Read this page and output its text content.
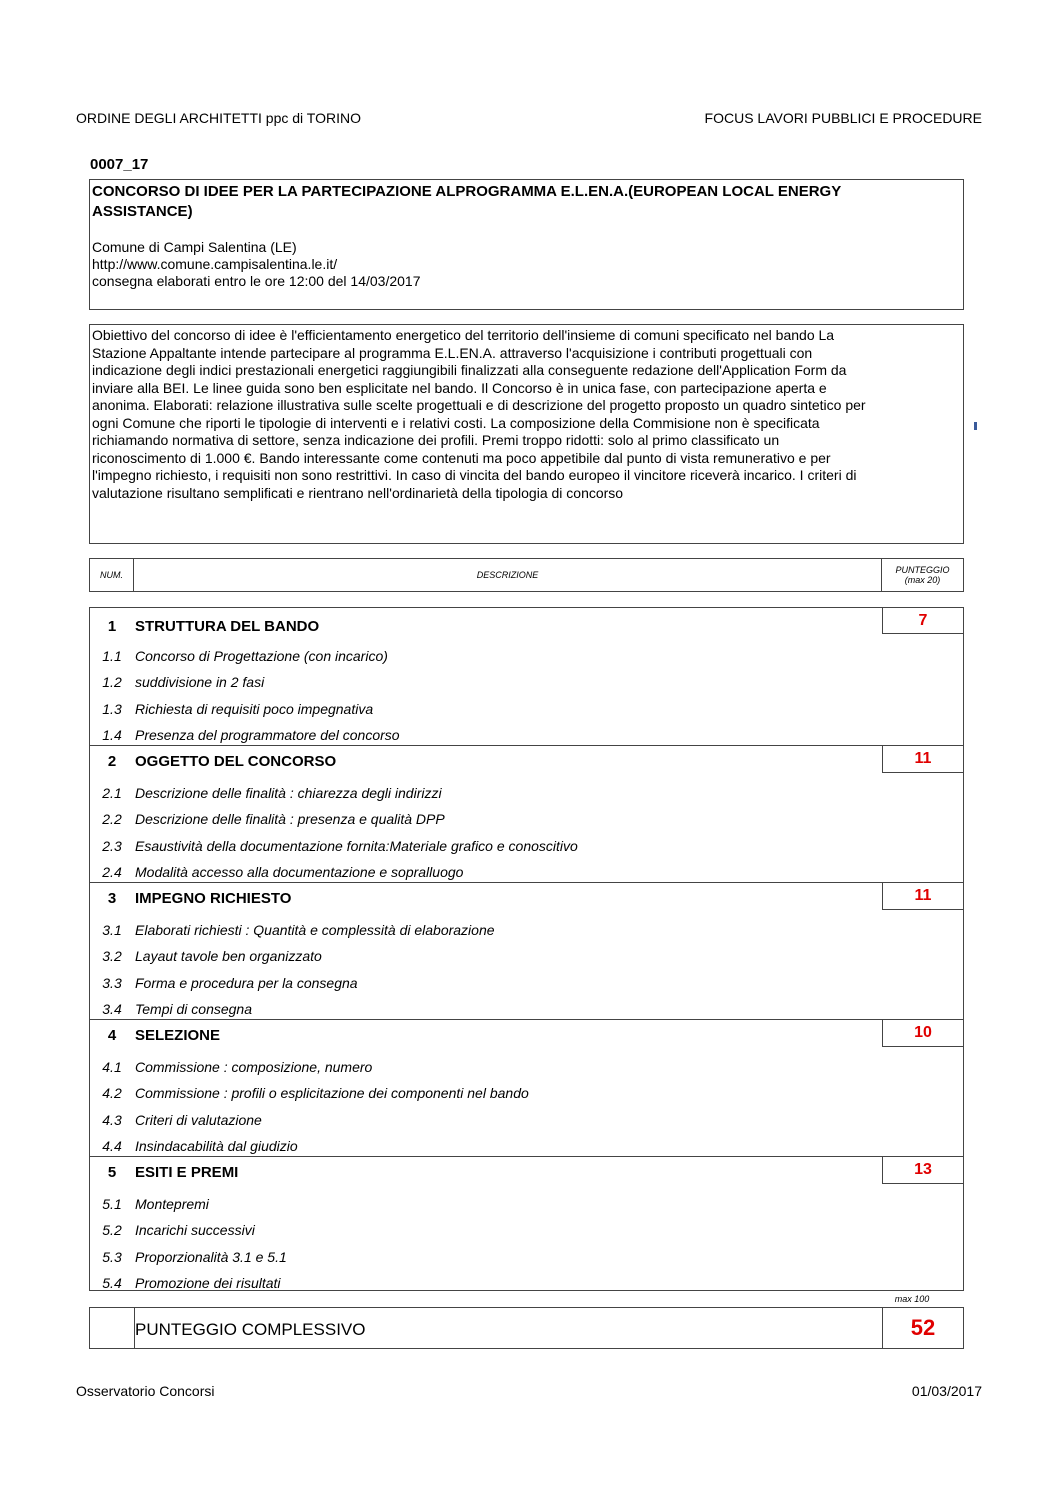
ORDINE DEGLI ARCHITETTI ppc di TORINO	FOCUS LAVORI PUBBLICI E PROCEDURE
0007_17
CONCORSO DI IDEE PER LA PARTECIPAZIONE ALPROGRAMMA E.L.EN.A.(EUROPEAN LOCAL ENERGY
ASSISTANCE)
Comune di Campi Salentina (LE)
http://www.comune.campisalentina.le.it/
consegna elaborati entro le ore 12:00 del 14/03/2017
Obiettivo del concorso di idee è l'efficientamento energetico del territorio dell'insieme di comuni specificato nel bando La
Stazione Appaltante intende partecipare al programma E.L.EN.A. attraverso l'acquisizione i contributi progettuali con
indicazione degli indici prestazionali energetici raggiungibili finalizzati alla conseguente redazione dell'Application Form da
inviare alla BEI. Le linee guida sono ben esplicitate nel bando. Il Concorso è in unica fase, con partecipazione aperta e
anonima. Elaborati: relazione illustrativa sulle scelte progettuali e di descrizione del progetto proposto un quadro sintetico per
ogni Comune che riporti le tipologie di interventi e i relativi costi. La composizione della Commisione non è specificata
richiamando normativa di settore, senza indicazione dei profili. Premi troppo ridotti: solo al primo classificato un
riconoscimento di 1.000 €. Bando interessante come contenuti ma poco appetibile dal punto di vista remunerativo e per
l'impegno richiesto, i requisiti non sono restrittivi. In caso di vincita del bando europeo il vincitore riceverà incarico. I criteri di
valutazione risultano semplificati e rientrano nell'ordinarietà della tipologia di concorso
NUM.	DESCRIZIONE	PUNTEGGIO
(max 20)
1	STRUTTURA DEL BANDO	7
1.1 Concorso di Progettazione (con incarico)
1.2 suddivisione in 2 fasi
1.3 Richiesta di requisiti poco impegnativa
1.4 Presenza del programmatore del concorso
2	OGGETTO DEL CONCORSO	11
2.1 Descrizione delle finalità : chiarezza degli indirizzi
2.2 Descrizione delle finalità : presenza e qualità DPP
2.3 Esaustività della documentazione fornita:Materiale grafico e conoscitivo
2.4 Modalità accesso alla documentazione e sopralluogo
3	IMPEGNO RICHIESTO	11
3.1 Elaborati richiesti : Quantità e complessità di elaborazione
3.2 Layaut tavole ben organizzato
3.3 Forma e procedura per la consegna
3.4 Tempi di consegna
4	SELEZIONE	10
4.1 Commissione : composizione, numero
4.2 Commissione : profili o esplicitazione dei componenti nel bando
4.3 Criteri di valutazione
4.4 Insindacabilità dal giudizio
5	ESITI E PREMI	13
5.1 Montepremi
5.2 Incarichi successivi
5.3 Proporzionalità 3.1 e 5.1
5.4 Promozione dei risultati
max 100
PUNTEGGIO COMPLESSIVO	52
Osservatorio Concorsi	01/03/2017
